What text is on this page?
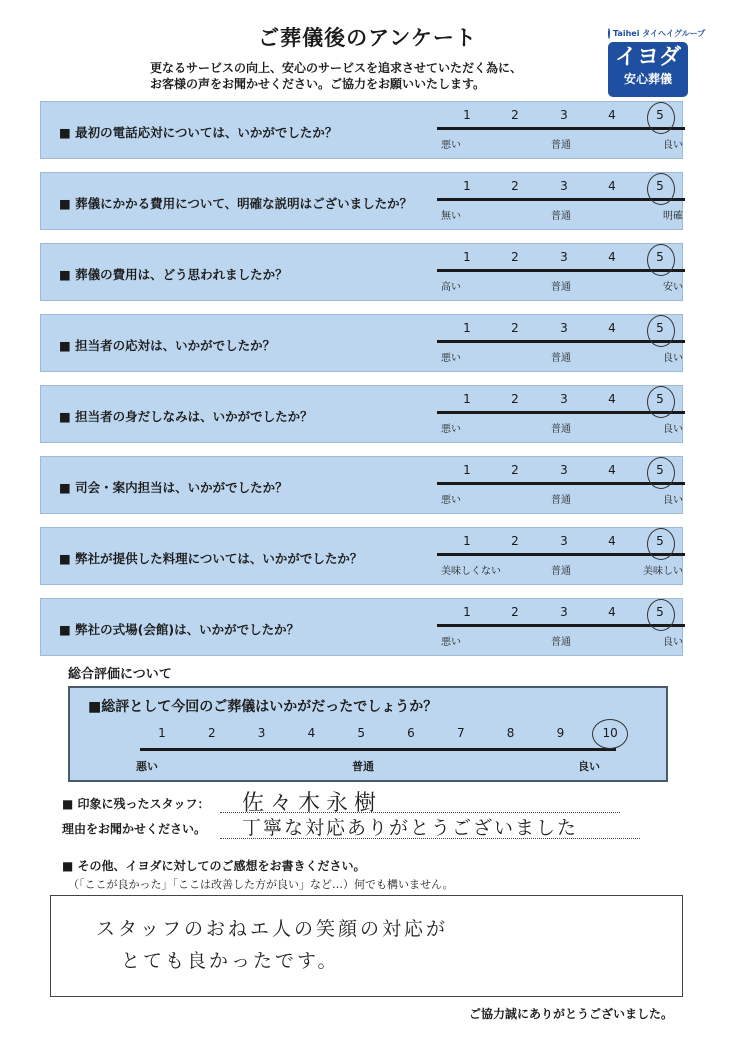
ご葬儀後のアンケート
更なるサービスの向上、安心のサービスを追求させていただく為に、
お客様の声をお聞かせください。ご協力をお願いいたします。
Taihei タイヘイグループ
イヨダ
安心葬儀
■ 最初の電話応対については、いかがでしたか？
1	2	3	4	5
悪い	普通	良い
■ 葬儀にかかる費用について、明確な説明はございましたか？
1	2	3	4	5
無い	普通	明確
■ 葬儀の費用は、どう思われましたか？
1	2	3	4	5
高い	普通	安い
■ 担当者の応対は、いかがでしたか？
1	2	3	4	5
悪い	普通	良い
■ 担当者の身だしなみは、いかがでしたか？
1	2	3	4	5
悪い	普通	良い
■ 司会・案内担当は、いかがでしたか？
1	2	3	4	5
悪い	普通	良い
■ 弊社が提供した料理については、いかがでしたか？
1	2	3	4	5
美味しくない	普通	美味しい
■ 弊社の式場(会館)は、いかがでしたか？
1	2	3	4	5
悪い	普通	良い
総合評価について
■総評として今回のご葬儀はいかがだったでしょうか？
1	2	3	4	5	6	7	8	9	10
悪い	普通	良い
■ 印象に残ったスタッフ： 佐々木永樹
理由をお聞かせください。 丁寧な対応ありがとうございました
■ その他、イヨダに対してのご感想をお書きください。
（「ここが良かった」「ここは改善した方が良い」など…）何でも構いません。
スタッフのおねエ人の笑顔の対応が
とても良かったです。
ご協力誠にありがとうございました。
